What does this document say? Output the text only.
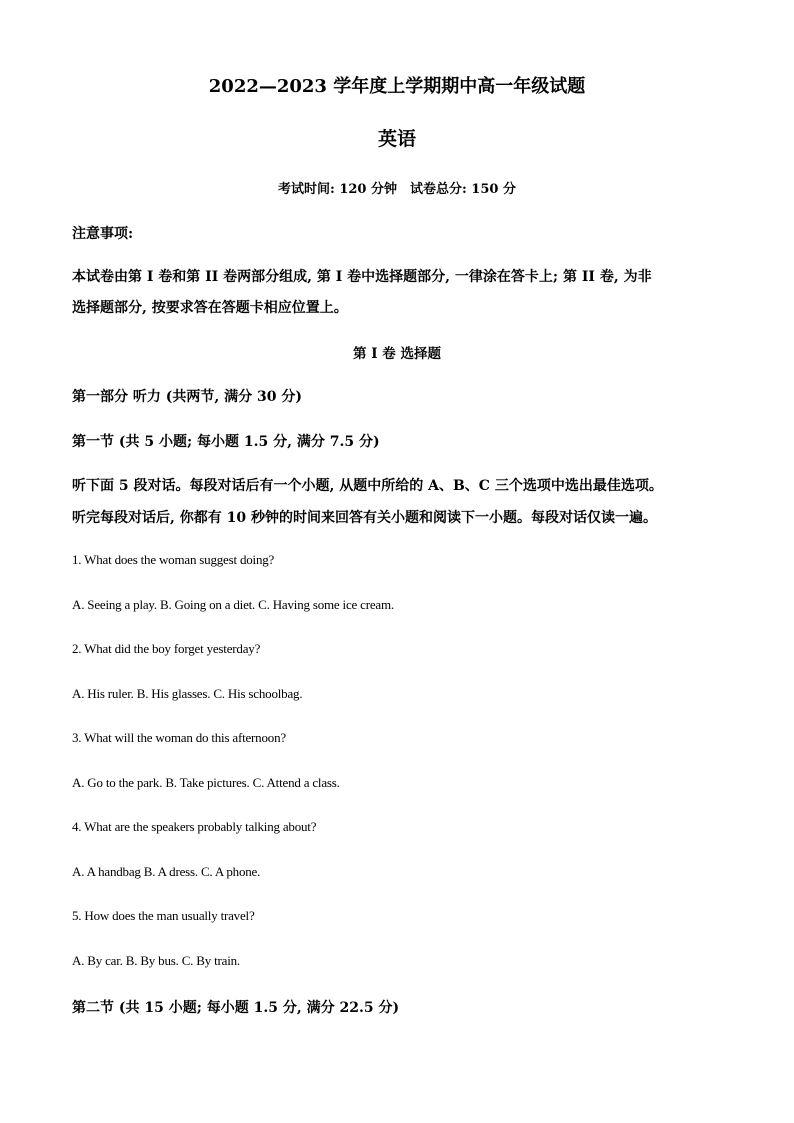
2022—2023 学年度上学期期中高一年级试题
英语
考试时间: 120 分钟　试卷总分: 150 分
注意事项:
本试卷由第 I 卷和第 II 卷两部分组成, 第 I 卷中选择题部分, 一律涂在答卡上; 第 II 卷, 为非
选择题部分, 按要求答在答题卡相应位置上。
第 I 卷 选择题
第一部分 听力 (共两节, 满分 30 分)
第一节 (共 5 小题; 每小题 1.5 分, 满分 7.5 分)
听下面 5 段对话。每段对话后有一个小题, 从题中所给的 A、B、C 三个选项中选出最佳选项。
听完每段对话后, 你都有 10 秒钟的时间来回答有关小题和阅读下一小题。每段对话仅读一遍。
1. What does the woman suggest doing?
A. Seeing a play. B. Going on a diet. C. Having some ice cream.
2. What did the boy forget yesterday?
A. His ruler. B. His glasses. C. His schoolbag.
3. What will the woman do this afternoon?
A. Go to the park. B. Take pictures. C. Attend a class.
4. What are the speakers probably talking about?
A. A handbag B. A dress. C. A phone.
5. How does the man usually travel?
A. By car. B. By bus. C. By train.
第二节 (共 15 小题; 每小题 1.5 分, 满分 22.5 分)
